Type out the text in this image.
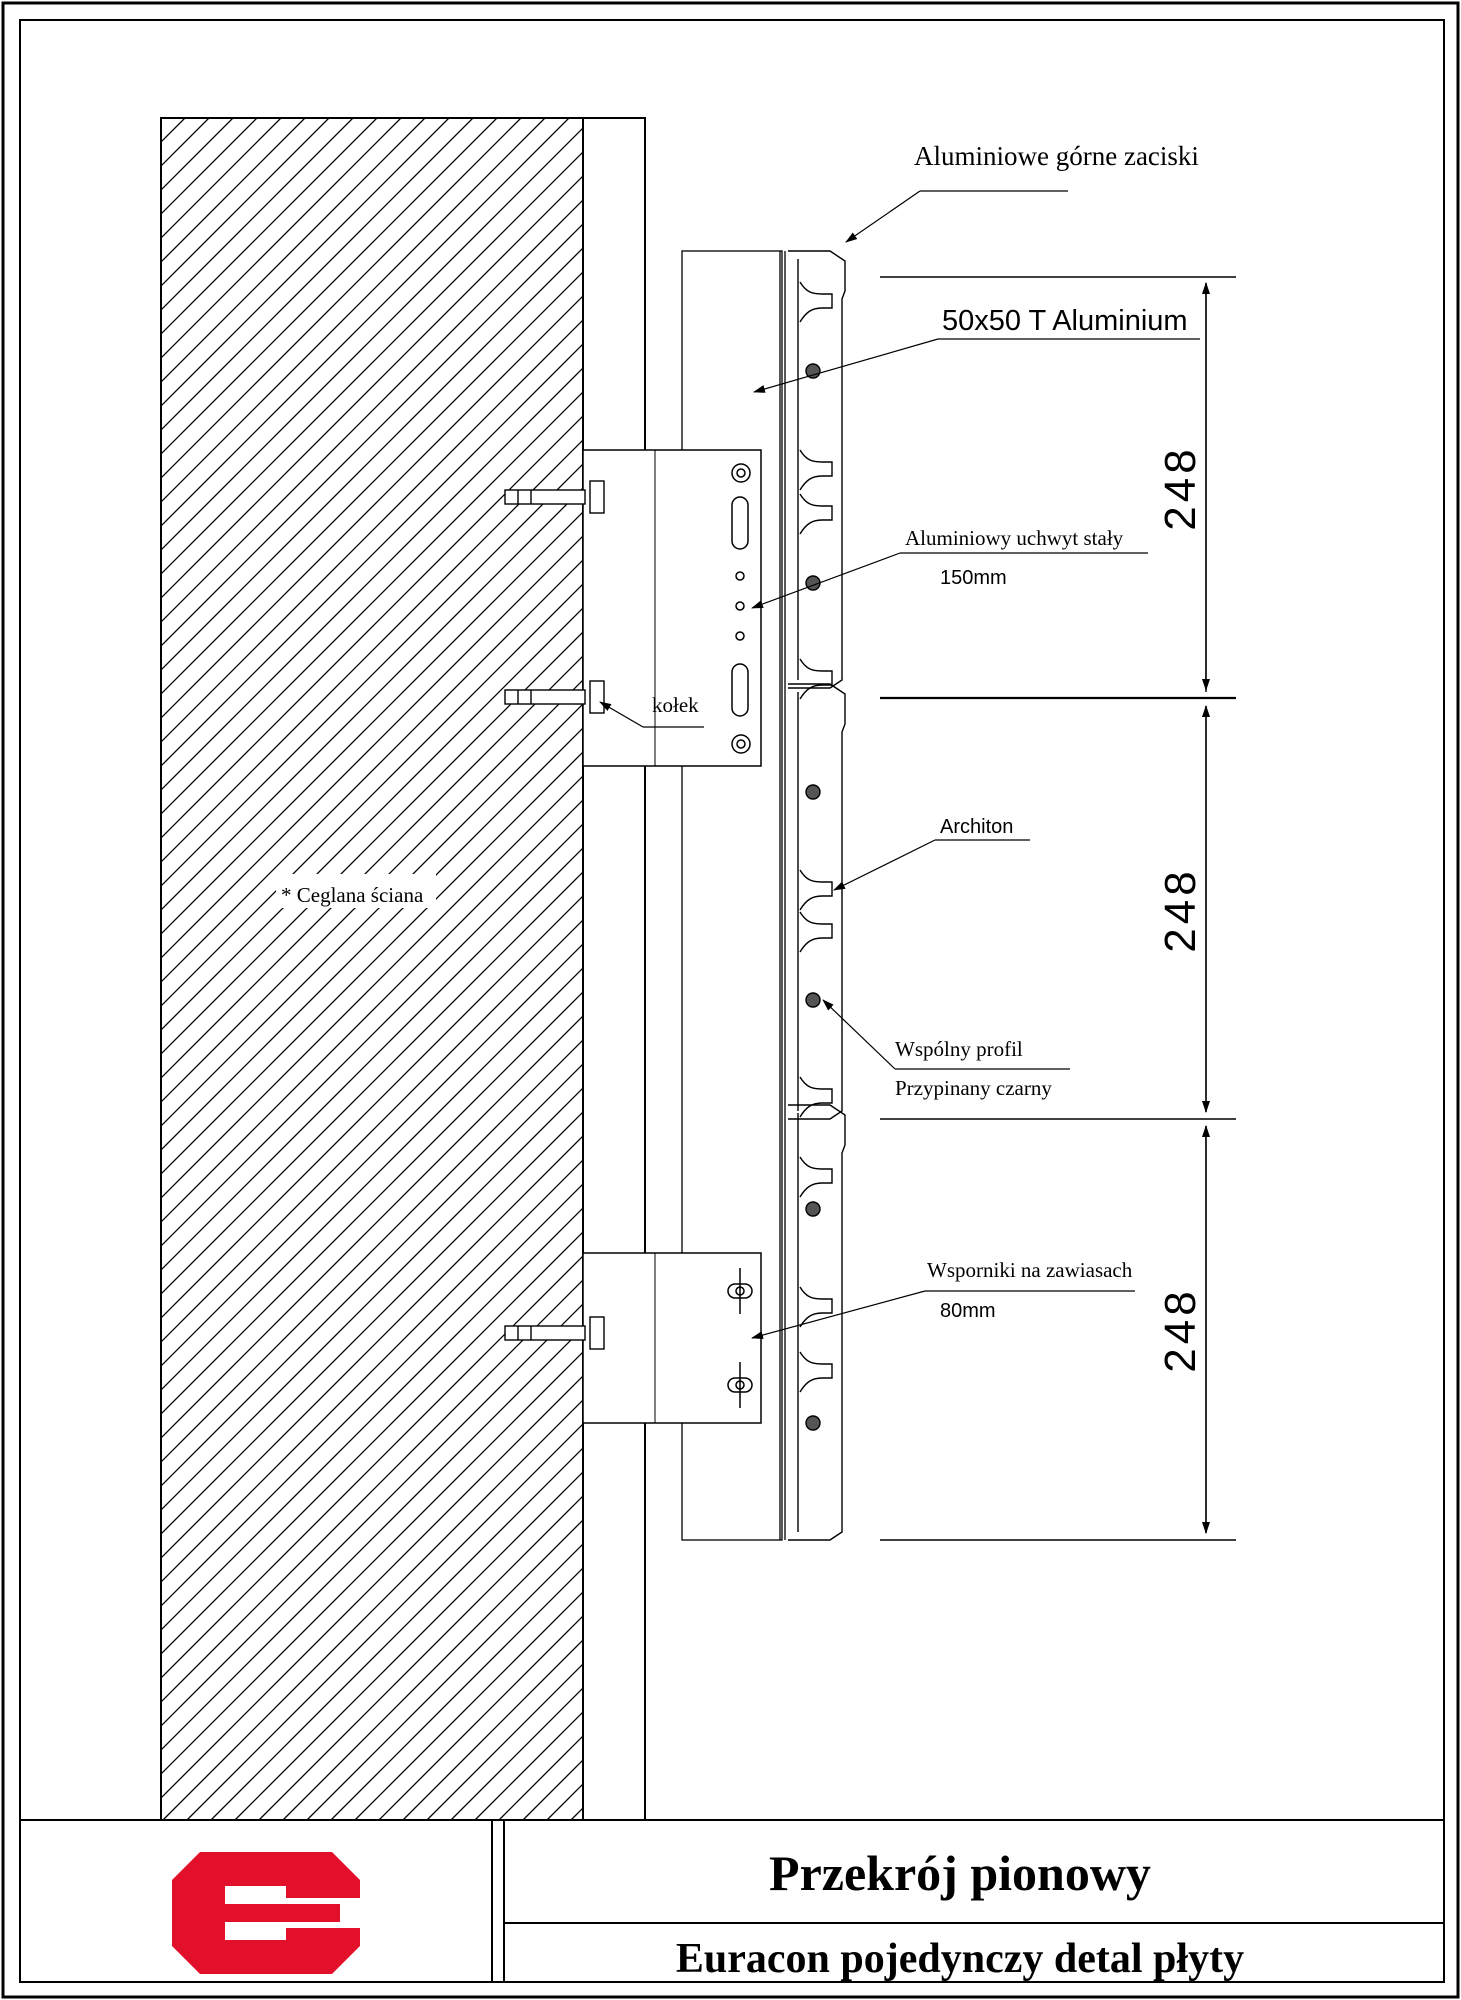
* Ceglana ściana
248
248
248
Aluminiowe górne zaciski
50x50 T Aluminium
Aluminiowy uchwyt stały
150mm
kołek
Architon
Wspólny profil
Przypinany czarny
Wsporniki na zawiasach
80mm
Przekrój pionowy
Euracon pojedynczy detal płyty
